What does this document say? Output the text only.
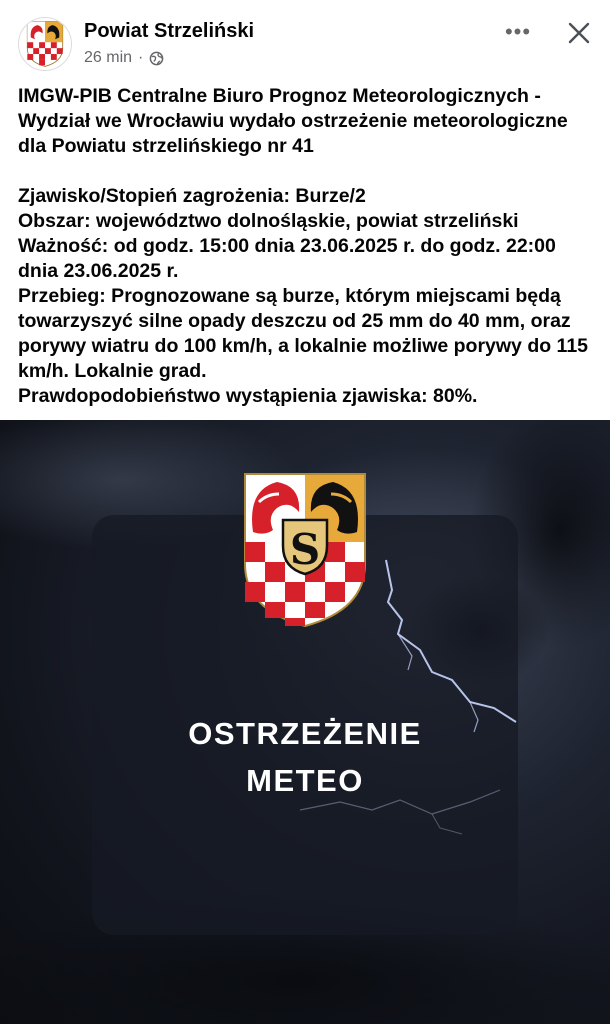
Powiat Strzeliński
26 min ·
•••

IMGW-PIB Centralne Biuro Prognoz Meteorologicznych - Wydział we Wrocławiu wydało ostrzeżenie meteorologiczne dla Powiatu strzelińskiego nr 41

Zjawisko/Stopień zagrożenia: Burze/2

Obszar: województwo dolnośląskie, powiat strzeliński

Ważność: od godz. 15:00 dnia 23.06.2025 r. do godz. 22:00 dnia 23.06.2025 r.

Przebieg: Prognozowane są burze, którym miejscami będą towarzyszyć silne opady deszczu od 25 mm do 40 mm, oraz porywy wiatru do 100 km/h, a lokalnie możliwe porywy do 115 km/h. Lokalnie grad.

Prawdopodobieństwo wystąpienia zjawiska: 80%.

S
OSTRZEŻENIE
METEO
